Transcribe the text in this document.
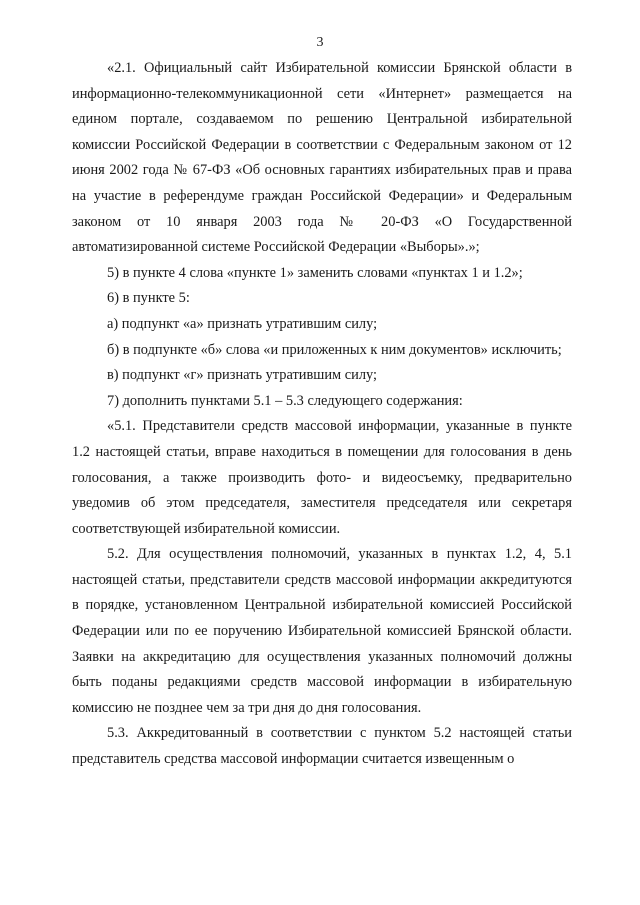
3

«2.1. Официальный сайт Избирательной комиссии Брянской области в информационно-телекоммуникационной сети «Интернет» размещается на едином портале, создаваемом по решению Центральной избирательной комиссии Российской Федерации в соответствии с Федеральным законом от 12 июня 2002 года № 67-ФЗ «Об основных гарантиях избирательных прав и права на участие в референдуме граждан Российской Федерации» и Федеральным законом от 10 января 2003 года № 20-ФЗ «О Государственной автоматизированной системе Российской Федерации «Выборы».»;

5) в пункте 4 слова «пункте 1» заменить словами «пунктах 1 и 1.2»;

6) в пункте 5:

а) подпункт «а» признать утратившим силу;

б) в подпункте «б» слова «и приложенных к ним документов» исключить;

в) подпункт «г» признать утратившим силу;

7) дополнить пунктами 5.1 – 5.3 следующего содержания:

«5.1. Представители средств массовой информации, указанные в пункте 1.2 настоящей статьи, вправе находиться в помещении для голосования в день голосования, а также производить фото- и видеосъемку, предварительно уведомив об этом председателя, заместителя председателя или секретаря соответствующей избирательной комиссии.

5.2. Для осуществления полномочий, указанных в пунктах 1.2, 4, 5.1 настоящей статьи, представители средств массовой информации аккредитуются в порядке, установленном Центральной избирательной комиссией Российской Федерации или по ее поручению Избирательной комиссией Брянской области. Заявки на аккредитацию для осуществления указанных полномочий должны быть поданы редакциями средств массовой информации в избирательную комиссию не позднее чем за три дня до дня голосования.

5.3. Аккредитованный в соответствии с пунктом 5.2 настоящей статьи представитель средства массовой информации считается извещенным о
